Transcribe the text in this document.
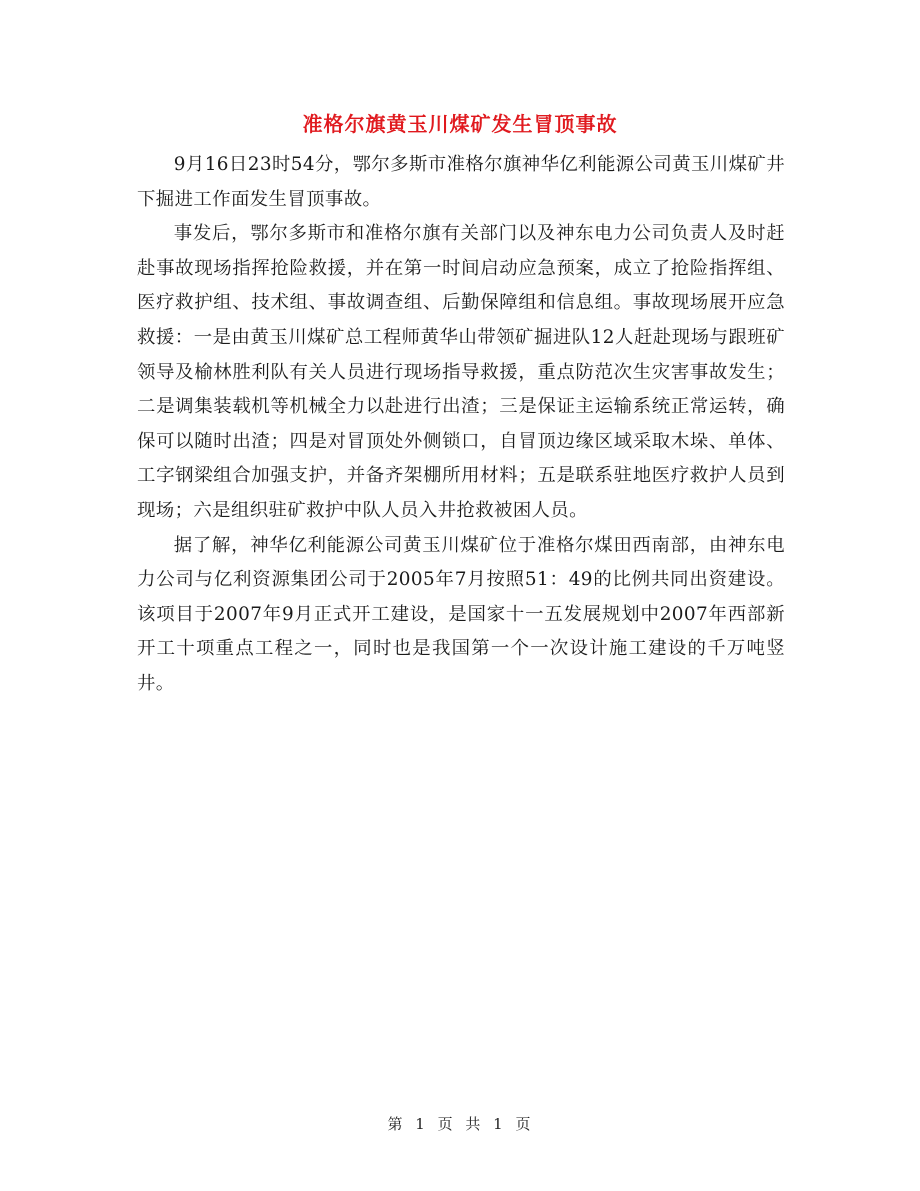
准格尔旗黄玉川煤矿发生冒顶事故

9月16日23时54分，鄂尔多斯市准格尔旗神华亿利能源公司黄玉川煤矿井下掘进工作面发生冒顶事故。

事发后，鄂尔多斯市和准格尔旗有关部门以及神东电力公司负责人及时赶赴事故现场指挥抢险救援，并在第一时间启动应急预案，成立了抢险指挥组、医疗救护组、技术组、事故调查组、后勤保障组和信息组。事故现场展开应急救援：一是由黄玉川煤矿总工程师黄华山带领矿掘进队12人赶赴现场与跟班矿领导及榆林胜利队有关人员进行现场指导救援，重点防范次生灾害事故发生；二是调集装载机等机械全力以赴进行出渣；三是保证主运输系统正常运转，确保可以随时出渣；四是对冒顶处外侧锁口，自冒顶边缘区域采取木垛、单体、工字钢梁组合加强支护，并备齐架棚所用材料；五是联系驻地医疗救护人员到现场；六是组织驻矿救护中队人员入井抢救被困人员。

据了解，神华亿利能源公司黄玉川煤矿位于准格尔煤田西南部，由神东电力公司与亿利资源集团公司于2005年7月按照51：49的比例共同出资建设。该项目于2007年9月正式开工建设，是国家十一五发展规划中2007年西部新开工十项重点工程之一，同时也是我国第一个一次设计施工建设的千万吨竖井。

第 1 页 共 1 页
